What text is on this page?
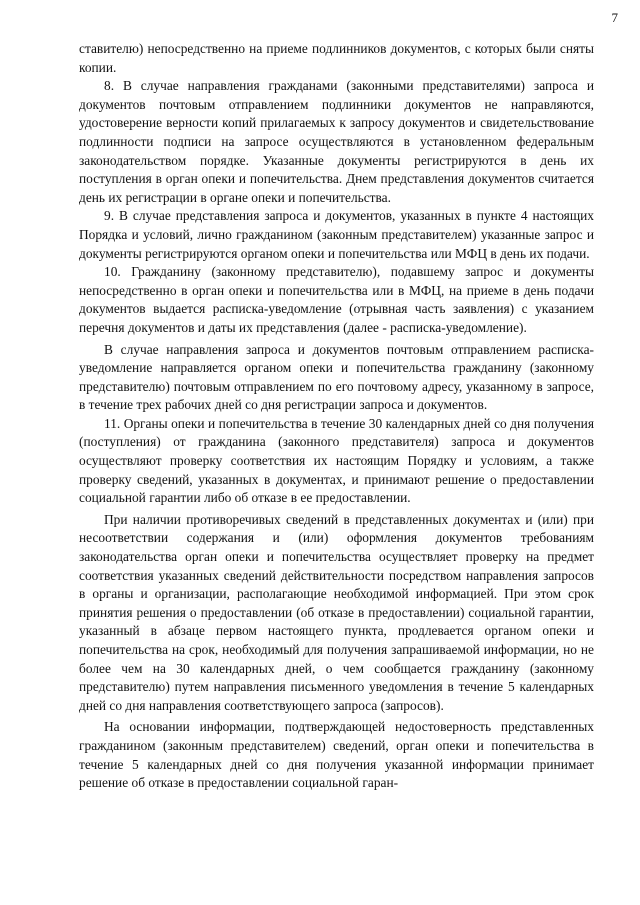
7

ставителю) непосредственно на приеме подлинников документов, с которых были сняты копии.

8. В случае направления гражданами (законными представителями) запроса и документов почтовым отправлением подлинники документов не направляются, удостоверение верности копий прилагаемых к запросу документов и свидетельствование подлинности подписи на запросе осуществляются в установленном федеральным законодательством порядке. Указанные документы регистрируются в день их поступления в орган опеки и попечительства. Днем представления документов считается день их регистрации в органе опеки и попечительства.

9. В случае представления запроса и документов, указанных в пункте 4 настоящих Порядка и условий, лично гражданином (законным представителем) указанные запрос и документы регистрируются органом опеки и попечительства или МФЦ в день их подачи.

10. Гражданину (законному представителю), подавшему запрос и документы непосредственно в орган опеки и попечительства или в МФЦ, на приеме в день подачи документов выдается расписка-уведомление (отрывная часть заявления) с указанием перечня документов и даты их представления (далее - расписка-уведомление).

В случае направления запроса и документов почтовым отправлением расписка-уведомление направляется органом опеки и попечительства гражданину (законному представителю) почтовым отправлением по его почтовому адресу, указанному в запросе, в течение трех рабочих дней со дня регистрации запроса и документов.

11. Органы опеки и попечительства в течение 30 календарных дней со дня получения (поступления) от гражданина (законного представителя) запроса и документов осуществляют проверку соответствия их настоящим Порядку и условиям, а также проверку сведений, указанных в документах, и принимают решение о предоставлении социальной гарантии либо об отказе в ее предоставлении.

При наличии противоречивых сведений в представленных документах и (или) при несоответствии содержания и (или) оформления документов требованиям законодательства орган опеки и попечительства осуществляет проверку на предмет соответствия указанных сведений действительности посредством направления запросов в органы и организации, располагающие необходимой информацией. При этом срок принятия решения о предоставлении (об отказе в предоставлении) социальной гарантии, указанный в абзаце первом настоящего пункта, продлевается органом опеки и попечительства на срок, необходимый для получения запрашиваемой информации, но не более чем на 30 календарных дней, о чем сообщается гражданину (законному представителю) путем направления письменного уведомления в течение 5 календарных дней со дня направления соответствующего запроса (запросов).

На основании информации, подтверждающей недостоверность представленных гражданином (законным представителем) сведений, орган опеки и попечительства в течение 5 календарных дней со дня получения указанной информации принимает решение об отказе в предоставлении социальной гаран-
